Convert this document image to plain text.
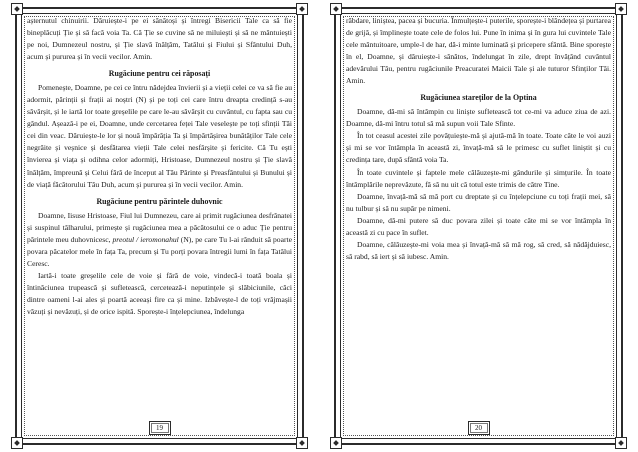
așternutul chinuirii. Dăruiește-i pe ei sănătoși și întregi Bisericii Tale ca să fie bineplăcuți Ție și să facă voia Ta. Că Ție se cuvine să ne miluiești și să ne mântuiești pe noi, Dumnezeul nostru, și Ție slavă înălțăm, Tatălui și Fiului și Sfântului Duh, acum și pururea și în vecii vecilor. Amin.

Rugăciune pentru cei răposați

Pomenește, Doamne, pe cei ce întru nădejdea învierii și a vieții celei ce va să fie au adormit, părinții și frații ai noștri (N) și pe toți cei care întru dreapta credință s-au săvârșit, și le iartă lor toate greșelile pe care le-au săvârșit cu cuvântul, cu fapta sau cu gândul. Așează-i pe ei, Doamne, unde cercetarea feței Tale veselește pe toți sfinții Tăi cei din veac. Dăruiește-le lor și nouă împărăția Ta și împărtășirea bunătăților Tale cele negrăite și veșnice și desfătarea vieții Tale celei nesfârșite și fericite. Că Tu ești învierea și viața și odihna celor adormiți, Hristoase, Dumnezeul nostru și Ție slavă înălțăm, împreună și Celui fără de început al Tău Părinte și Preasfântului și Bunului și de viață făcătorului Tău Duh, acum și pururea și în vecii vecilor. Amin.

Rugăciune pentru părintele duhovnic

Doamne, Iisuse Hristoase, Fiul lui Dumnezeu, care ai primit rugăciunea desfrânatei și suspinul tâlharului, primește și rugăciunea mea a păcătosului ce o aduc Ție pentru părintele meu duhovnicesc, preotul / ieromonahul (N), pe care Tu l-ai rânduit să poarte povara păcatelor mele în fața Ta, precum și Tu porți povara întregii lumi în fața Tatălui Ceresc.

Iartă-i toate greșelile cele de voie și fără de voie, vindecă-i toată boala și întinăciunea trupească și sufletească, cercetează-i neputințele și slăbiciunile, căci dintre oameni l-ai ales și poartă aceeași fire ca și mine. Izbăvește-l de toți vrăjmașii văzuți și nevăzuți, și de orice ispită. Sporește-i înțelepciunea, îndelunga

19

răbdare, liniștea, pacea și bucuria. Înmulțește-i puterile, sporește-i blândețea și purtarea de grijă, și împlinește toate cele de folos lui. Pune în inima și în gura lui cuvintele Tale cele mântuitoare, umple-l de har, dă-i minte luminată și pricepere sfântă. Bine sporește în el, Doamne, și dăruiește-i sănătos, îndelungat în zile, drept învățând cuvântul adevărului Tău, pentru rugăciunile Preacuratei Maicii Tale și ale tuturor Sfinților Tăi. Amin.

Rugăciunea stareților de la Optina

Doamne, dă-mi să întâmpin cu liniște sufletească tot ce-mi va aduce ziua de azi. Doamne, dă-mi întru totul să mă supun voii Tale Sfinte.

În tot ceasul acestei zile povățuiește-mă și ajută-mă în toate. Toate câte le voi auzi și mi se vor întâmpla în această zi, învață-mă să le primesc cu suflet liniștit și cu credința tare, după sfântă voia Ta.

În toate cuvintele și faptele mele călăuzește-mi gândurile și simțurile. În toate întâmplările neprevăzute, fă să nu uit că totul este trimis de către Tine.

Doamne, învață-mă să mă port cu dreptate și cu înțelepciune cu toți frații mei, să nu tulbur și să nu supăr pe nimeni.

Doamne, dă-mi putere să duc povara zilei și toate câte mi se vor întâmpla în această zi cu pace în suflet.

Doamne, călăuzește-mi voia mea și învață-mă să mă rog, să cred, să nădăjduiesc, să rabd, să iert și să iubesc. Amin.

20
